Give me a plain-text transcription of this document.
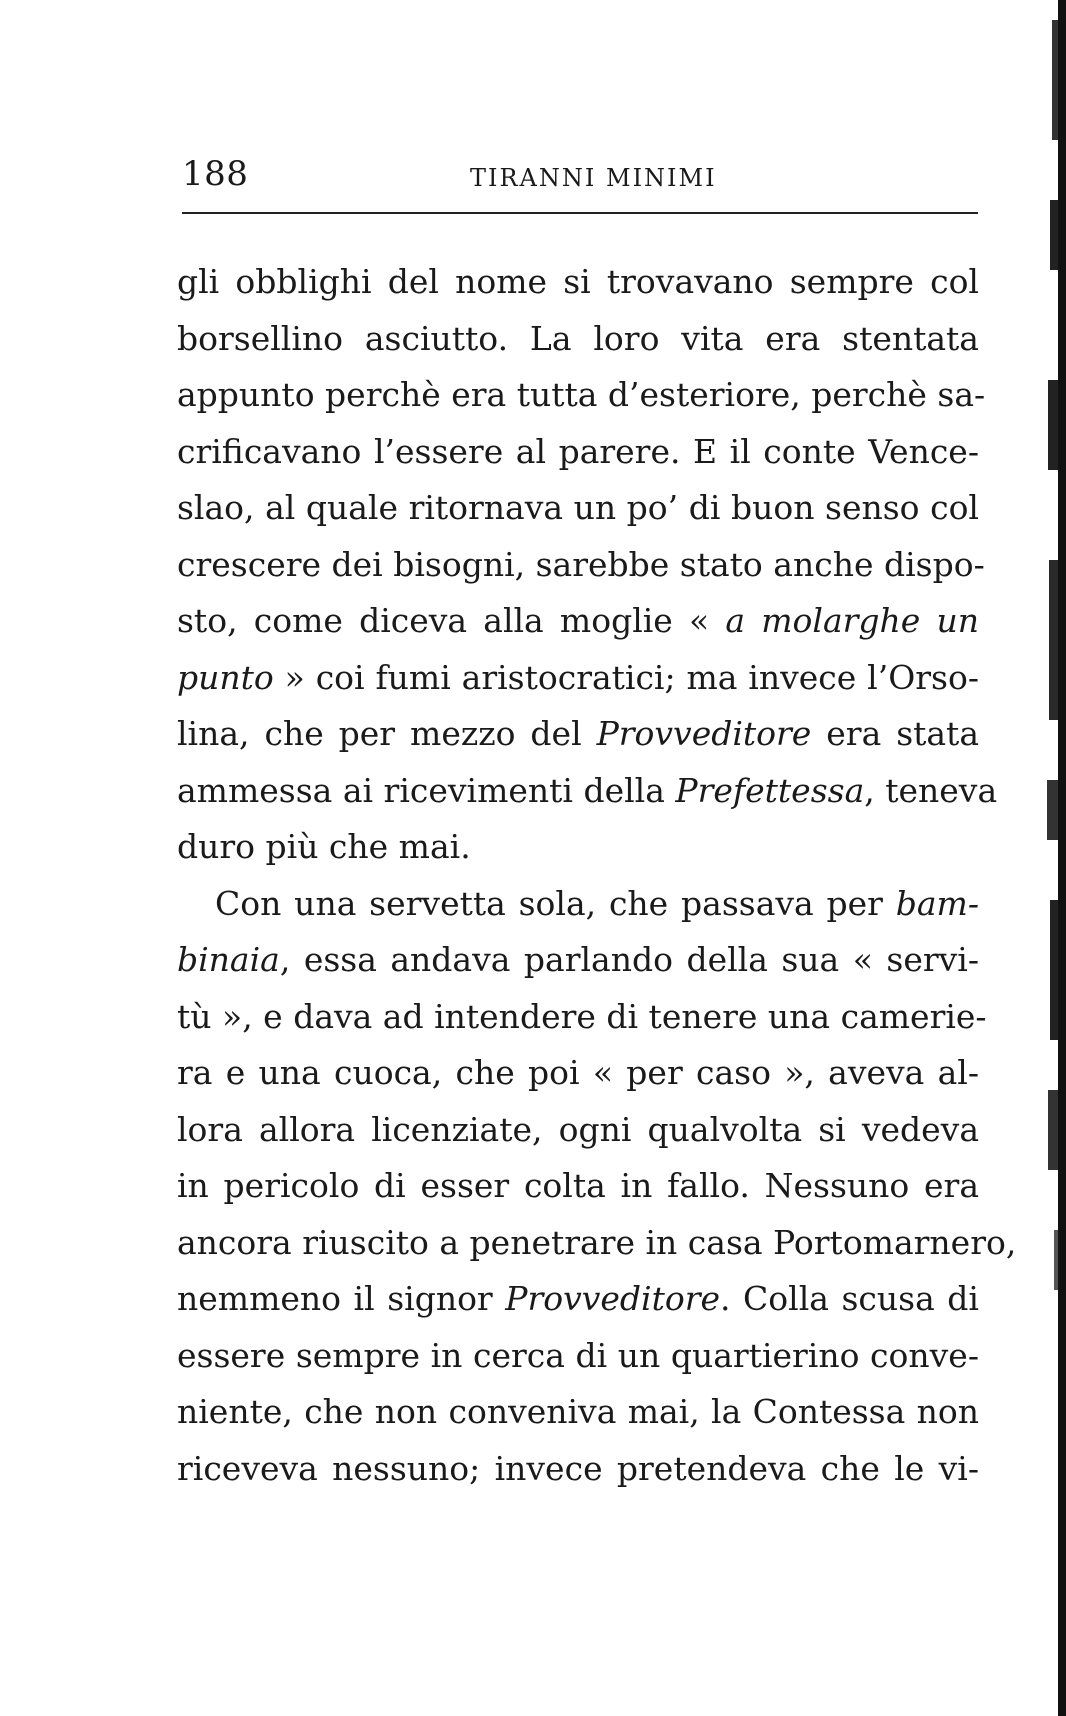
188	TIRANNI MINIMI
gli obblighi del nome si trovavano sempre col
borsellino asciutto. La loro vita era stentata
appunto perchè era tutta d’esteriore, perchè sa-
crificavano l’essere al parere. E il conte Vence-
slao, al quale ritornava un po’ di buon senso col
crescere dei bisogni, sarebbe stato anche dispo-
sto, come diceva alla moglie « a molarghe un
punto » coi fumi aristocratici; ma invece l’Orso-
lina, che per mezzo del Provveditore era stata
ammessa ai ricevimenti della Prefettessa, teneva
duro più che mai.
Con una servetta sola, che passava per bam-
binaia, essa andava parlando della sua « servi-
tù », e dava ad intendere di tenere una camerie-
ra e una cuoca, che poi « per caso », aveva al-
lora allora licenziate, ogni qualvolta si vedeva
in pericolo di esser colta in fallo. Nessuno era
ancora riuscito a penetrare in casa Portomarnero,
nemmeno il signor Provveditore. Colla scusa di
essere sempre in cerca di un quartierino conve-
niente, che non conveniva mai, la Contessa non
riceveva nessuno; invece pretendeva che le vi-
